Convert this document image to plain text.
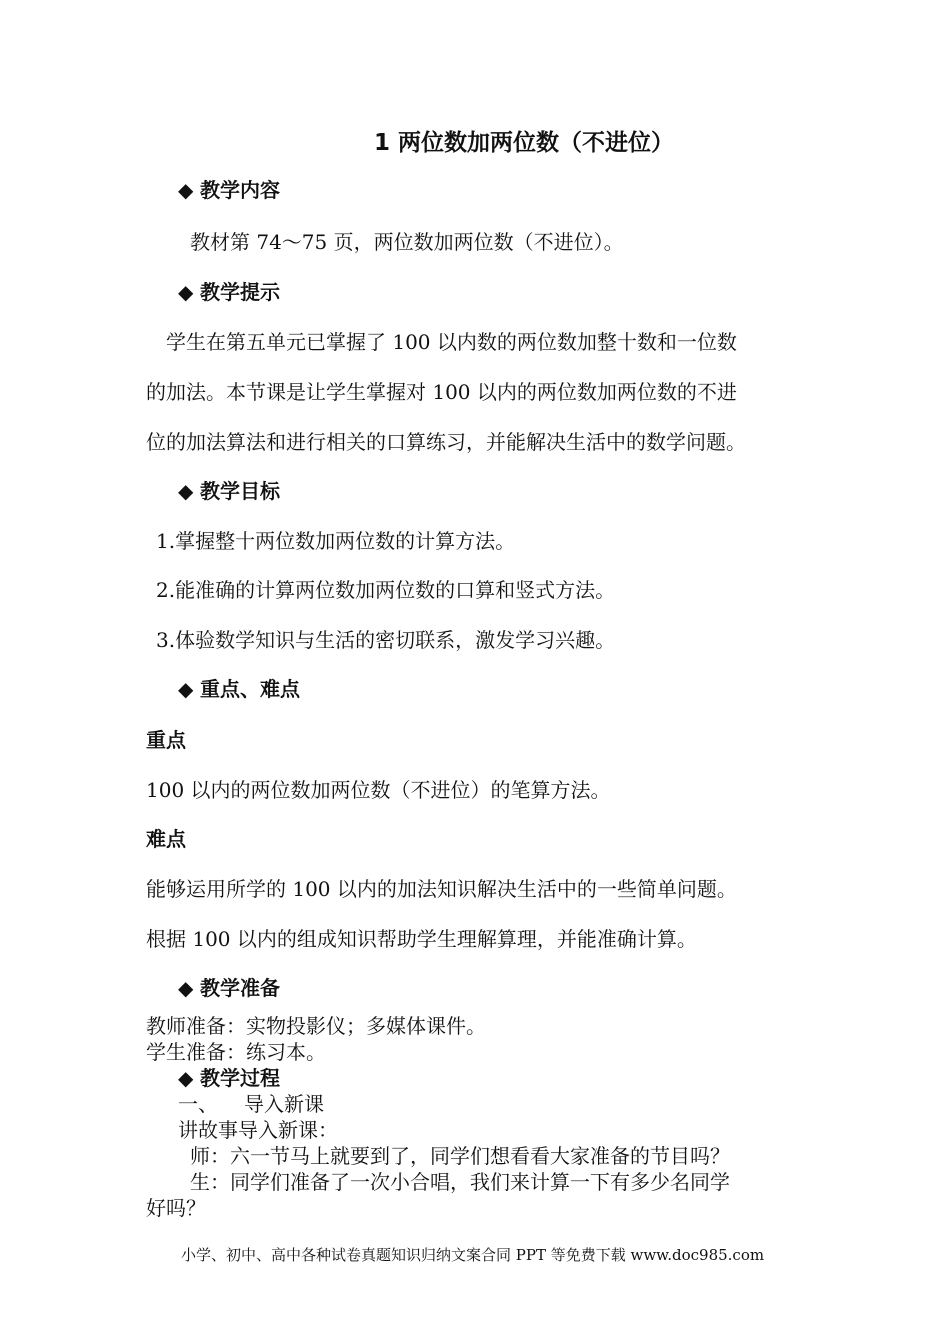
1 两位数加两位数（不进位）
◆ 教学内容
教材第 74～75 页，两位数加两位数（不进位）。
◆ 教学提示
学生在第五单元已掌握了 100 以内数的两位数加整十数和一位数
的加法。本节课是让学生掌握对 100 以内的两位数加两位数的不进
位的加法算法和进行相关的口算练习，并能解决生活中的数学问题。
◆ 教学目标
1.掌握整十两位数加两位数的计算方法。
2.能准确的计算两位数加两位数的口算和竖式方法。
3.体验数学知识与生活的密切联系，激发学习兴趣。
◆ 重点、难点
重点
100 以内的两位数加两位数（不进位）的笔算方法。
难点
能够运用所学的 100 以内的加法知识解决生活中的一些简单问题。
根据 100 以内的组成知识帮助学生理解算理，并能准确计算。
◆ 教学准备
教师准备：实物投影仪；多媒体课件。
学生准备：练习本。
◆ 教学过程
一、 导入新课
讲故事导入新课：
师：六一节马上就要到了，同学们想看看大家准备的节目吗？
生：同学们准备了一次小合唱，我们来计算一下有多少名同学
好吗？
小学、初中、高中各种试卷真题知识归纳文案合同 PPT 等免费下载 www.doc985.com
